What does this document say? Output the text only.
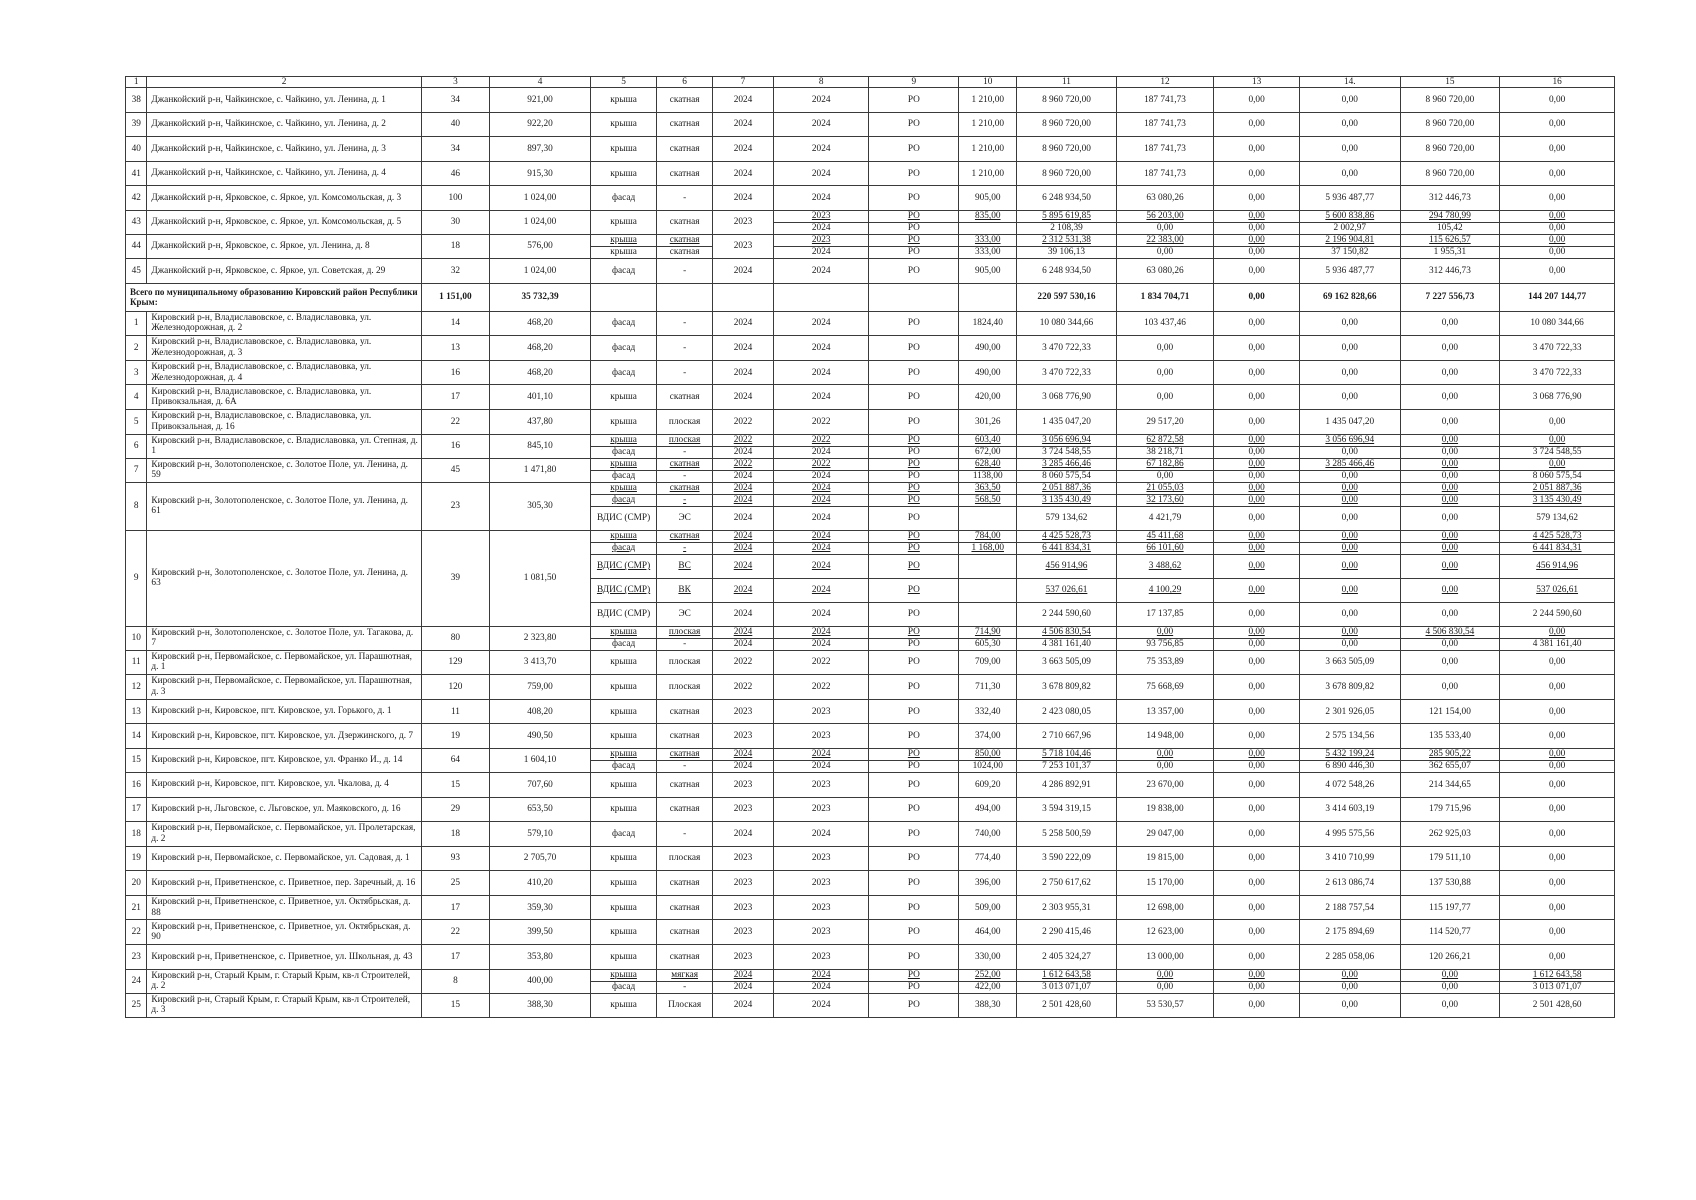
1	2	3	4	5	6	7	8	9	10	11	12	13	14.	15	16
38	Джанкойский р-н, Чайкинское, с. Чайкино, ул. Ленина, д. 1	34	921,00	крыша	скатная	2024	2024	РО	1 210,00	8 960 720,00	187 741,73	0,00	0,00	8 960 720,00	0,00
39	Джанкойский р-н, Чайкинское, с. Чайкино, ул. Ленина, д. 2	40	922,20	крыша	скатная	2024	2024	РО	1 210,00	8 960 720,00	187 741,73	0,00	0,00	8 960 720,00	0,00
40	Джанкойский р-н, Чайкинское, с. Чайкино, ул. Ленина, д. 3	34	897,30	крыша	скатная	2024	2024	РО	1 210,00	8 960 720,00	187 741,73	0,00	0,00	8 960 720,00	0,00
41	Джанкойский р-н, Чайкинское, с. Чайкино, ул. Ленина, д. 4	46	915,30	крыша	скатная	2024	2024	РО	1 210,00	8 960 720,00	187 741,73	0,00	0,00	8 960 720,00	0,00
42	Джанкойский р-н, Ярковское, с. Яркое, ул. Комсомольская, д. 3	100	1 024,00	фасад	-	2024	2024	РО	905,00	6 248 934,50	63 080,26	0,00	5 936 487,77	312 446,73	0,00
43	Джанкойский р-н, Ярковское, с. Яркое, ул. Комсомольская, д. 5	30	1 024,00	крыша	скатная	2023	2023	РО	835,00	5 895 619,85	56 203,00	0,00	5 600 838,86	294 780,99	0,00
							2024	РО		2 108,39	0,00	0,00	2 002,97	105,42	0,00
44	Джанкойский р-н, Ярковское, с. Яркое, ул. Ленина, д. 8	18	576,00	крыша	скатная	2023	2023	РО	333,00	2 312 531,38	22 383,00	0,00	2 196 904,81	115 626,57	0,00
				крыша	скатная		2024	РО	333,00	39 106,13	0,00	0,00	37 150,82	1 955,31	0,00
45	Джанкойский р-н, Ярковское, с. Яркое, ул. Советская, д. 29	32	1 024,00	фасад	-	2024	2024	РО	905,00	6 248 934,50	63 080,26	0,00	5 936 487,77	312 446,73	0,00
Всего по муниципальному образованию Кировский район Республики Крым:		1 151,00	35 732,39							220 597 530,16	1 834 704,71	0,00	69 162 828,66	7 227 556,73	144 207 144,77
1	Кировский р-н, Владиславовское, с. Владиславовка, ул. Железнодорожная, д. 2	14	468,20	фасад	-	2024	2024	РО	1824,40	10 080 344,66	103 437,46	0,00	0,00	0,00	10 080 344,66
2	Кировский р-н, Владиславовское, с. Владиславовка, ул. Железнодорожная, д. 3	13	468,20	фасад	-	2024	2024	РО	490,00	3 470 722,33	0,00	0,00	0,00	0,00	3 470 722,33
3	Кировский р-н, Владиславовское, с. Владиславовка, ул. Железнодорожная, д. 4	16	468,20	фасад	-	2024	2024	РО	490,00	3 470 722,33	0,00	0,00	0,00	0,00	3 470 722,33
4	Кировский р-н, Владиславовское, с. Владиславовка, ул. Привокзальная, д. 6А	17	401,10	крыша	скатная	2024	2024	РО	420,00	3 068 776,90	0,00	0,00	0,00	0,00	3 068 776,90
5	Кировский р-н, Владиславовское, с. Владиславовка, ул. Привокзальная, д. 16	22	437,80	крыша	плоская	2022	2022	РО	301,26	1 435 047,20	29 517,20	0,00	1 435 047,20	0,00	0,00
6	Кировский р-н, Владиславовское, с. Владиславовка, ул. Степная, д. 1	16	845,10	крыша	плоская	2022	2022	РО	603,40	3 056 696,94	62 872,58	0,00	3 056 696,94	0,00	0,00
				фасад	-	2024	2024	РО	672,00	3 724 548,55	38 218,71	0,00	0,00	0,00	3 724 548,55
7	Кировский р-н, Золотополенское, с. Золотое Поле, ул. Ленина, д. 59	45	1 471,80	крыша	скатная	2022	2022	РО	628,40	3 285 466,46	67 182,86	0,00	3 285 466,46	0,00	0,00
				фасад	-	2024	2024	РО	1138,00	8 060 575,54	0,00	0,00	0,00	0,00	8 060 575,54
8	Кировский р-н, Золотополенское, с. Золотое Поле, ул. Ленина, д. 61	23	305,30	крыша	скатная	2024	2024	РО	363,50	2 051 887,36	21 055,03	0,00	0,00	0,00	2 051 887,36
				фасад	-	2024	2024	РО	568,50	3 135 430,49	32 173,60	0,00	0,00	0,00	3 135 430,49
				ВДИС (СМР)	ЭС	2024	2024	РО		579 134,62	4 421,79	0,00	0,00	0,00	579 134,62
9	Кировский р-н, Золотополенское, с. Золотое Поле, ул. Ленина, д. 63	39	1 081,50	крыша	скатная	2024	2024	РО	784,00	4 425 528,73	45 411,68	0,00	0,00	0,00	4 425 528,73
				фасад	-	2024	2024	РО	1 168,00	6 441 834,31	66 101,60	0,00	0,00	0,00	6 441 834,31
				ВДИС (СМР)	ВС	2024	2024	РО		456 914,96	3 488,62	0,00	0,00	0,00	456 914,96
				ВДИС (СМР)	ВК	2024	2024	РО		537 026,61	4 100,29	0,00	0,00	0,00	537 026,61
				ВДИС (СМР)	ЭС	2024	2024	РО		2 244 590,60	17 137,85	0,00	0,00	0,00	2 244 590,60
10	Кировский р-н, Золотополенское, с. Золотое Поле, ул. Тагакова, д. 7	80	2 323,80	крыша	плоская	2024	2024	РО	714,90	4 506 830,54	0,00	0,00	0,00	4 506 830,54	0,00
				фасад	-	2024	2024	РО	605,30	4 381 161,40	93 756,85	0,00	0,00	0,00	4 381 161,40
11	Кировский р-н, Первомайское, с. Первомайское, ул. Парашютная, д. 1	129	3 413,70	крыша	плоская	2022	2022	РО	709,00	3 663 505,09	75 353,89	0,00	3 663 505,09	0,00	0,00
12	Кировский р-н, Первомайское, с. Первомайское, ул. Парашютная, д. 3	120	759,00	крыша	плоская	2022	2022	РО	711,30	3 678 809,82	75 668,69	0,00	3 678 809,82	0,00	0,00
13	Кировский р-н, Кировское, пгт. Кировское, ул. Горького, д. 1	11	408,20	крыша	скатная	2023	2023	РО	332,40	2 423 080,05	13 357,00	0,00	2 301 926,05	121 154,00	0,00
14	Кировский р-н, Кировское, пгт. Кировское, ул. Дзержинского, д. 7	19	490,50	крыша	скатная	2023	2023	РО	374,00	2 710 667,96	14 948,00	0,00	2 575 134,56	135 533,40	0,00
15	Кировский р-н, Кировское, пгт. Кировское, ул. Франко И., д. 14	64	1 604,10	крыша	скатная	2024	2024	РО	850,00	5 718 104,46	0,00	0,00	5 432 199,24	285 905,22	0,00
				фасад	-	2024	2024	РО	1024,00	7 253 101,37	0,00	0,00	6 890 446,30	362 655,07	0,00
16	Кировский р-н, Кировское, пгт. Кировское, ул. Чкалова, д. 4	15	707,60	крыша	скатная	2023	2023	РО	609,20	4 286 892,91	23 670,00	0,00	4 072 548,26	214 344,65	0,00
17	Кировский р-н, Льговское, с. Льговское, ул. Маяковского, д. 16	29	653,50	крыша	скатная	2023	2023	РО	494,00	3 594 319,15	19 838,00	0,00	3 414 603,19	179 715,96	0,00
18	Кировский р-н, Первомайское, с. Первомайское, ул. Пролетарская, д. 2	18	579,10	фасад	-	2024	2024	РО	740,00	5 258 500,59	29 047,00	0,00	4 995 575,56	262 925,03	0,00
19	Кировский р-н, Первомайское, с. Первомайское, ул. Садовая, д. 1	93	2 705,70	крыша	плоская	2023	2023	РО	774,40	3 590 222,09	19 815,00	0,00	3 410 710,99	179 511,10	0,00
20	Кировский р-н, Приветненское, с. Приветное, пер. Заречный, д. 16	25	410,20	крыша	скатная	2023	2023	РО	396,00	2 750 617,62	15 170,00	0,00	2 613 086,74	137 530,88	0,00
21	Кировский р-н, Приветненское, с. Приветное, ул. Октябрьская, д. 88	17	359,30	крыша	скатная	2023	2023	РО	509,00	2 303 955,31	12 698,00	0,00	2 188 757,54	115 197,77	0,00
22	Кировский р-н, Приветненское, с. Приветное, ул. Октябрьская, д. 90	22	399,50	крыша	скатная	2023	2023	РО	464,00	2 290 415,46	12 623,00	0,00	2 175 894,69	114 520,77	0,00
23	Кировский р-н, Приветненское, с. Приветное, ул. Школьная, д. 43	17	353,80	крыша	скатная	2023	2023	РО	330,00	2 405 324,27	13 000,00	0,00	2 285 058,06	120 266,21	0,00
24	Кировский р-н, Старый Крым, г. Старый Крым, кв-л Строителей, д. 2	8	400,00	крыша	мягкая	2024	2024	РО	252,00	1 612 643,58	0,00	0,00	0,00	0,00	1 612 643,58
				фасад	-	2024	2024	РО	422,00	3 013 071,07	0,00	0,00	0,00	0,00	3 013 071,07
25	Кировский р-н, Старый Крым, г. Старый Крым, кв-л Строителей, д. 3	15	388,30	крыша	Плоская	2024	2024	РО	388,30	2 501 428,60	53 530,57	0,00	0,00	0,00	2 501 428,60
